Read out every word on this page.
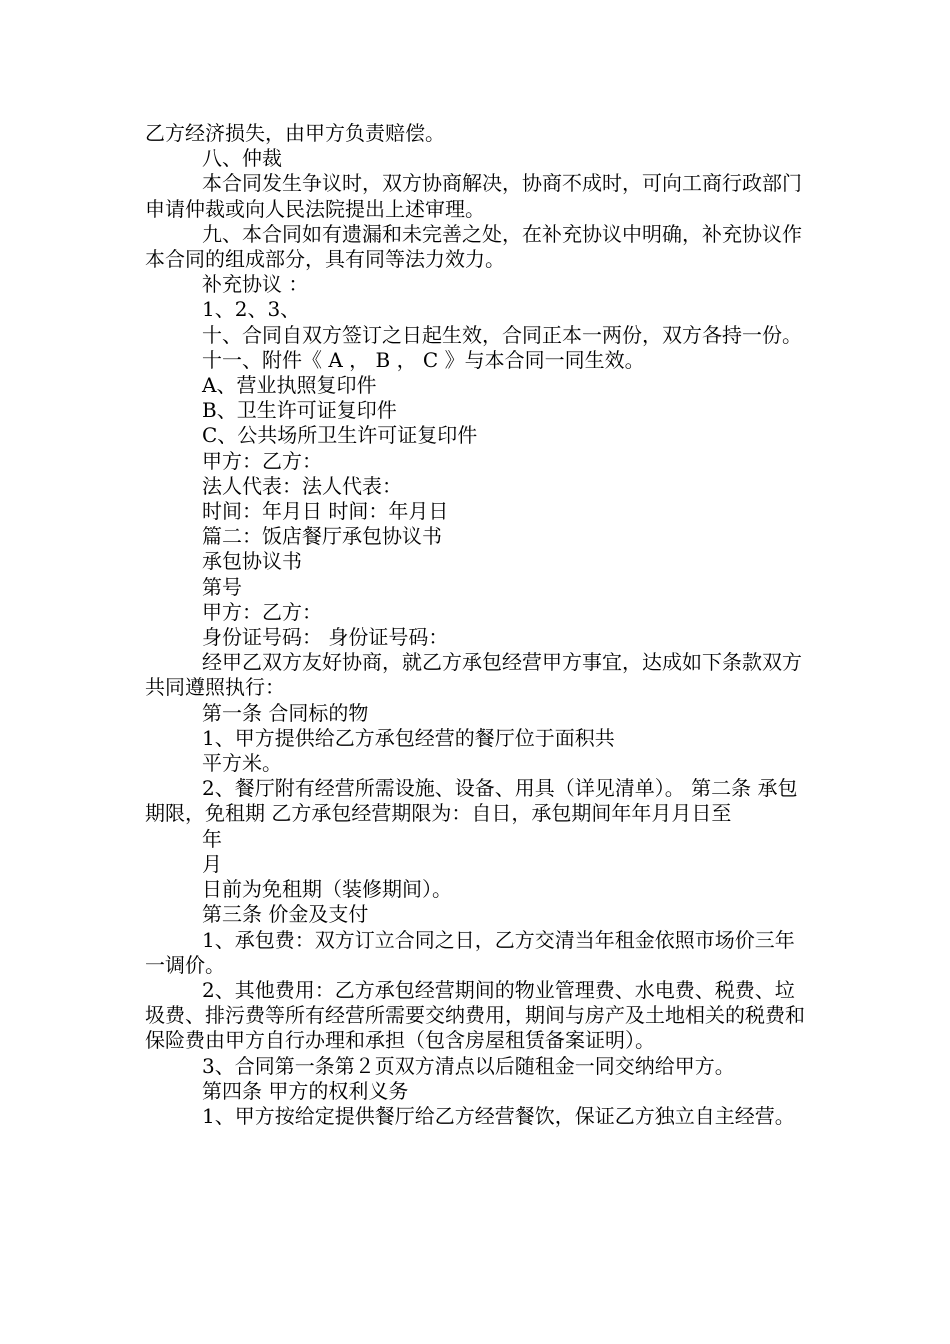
乙方经济损失，由甲方负责赔偿。

八、仲裁

本合同发生争议时，双方协商解决，协商不成时，可向工商行政部门申请仲裁或向人民法院提出上述审理。

九、本合同如有遗漏和未完善之处，在补充协议中明确，补充协议作本合同的组成部分，具有同等法力效力。

补充协议 ：

1、2、3、

十、合同自双方签订之日起生效，合同正本一两份，双方各持一份。

十一、附件《 A ， B ， C 》与本合同一同生效。

A、营业执照复印件

B、卫生许可证复印件

C、公共场所卫生许可证复印件

甲方：乙方：

法人代表：法人代表：

时间：年月日 时间：年月日

篇二：饭店餐厅承包协议书

承包协议书

第号

甲方：乙方：

身份证号码： 身份证号码：

经甲乙双方友好协商，就乙方承包经营甲方事宜，达成如下条款双方共同遵照执行：

第一条 合同标的物

1、甲方提供给乙方承包经营的餐厅位于面积共

平方米。

2、餐厅附有经营所需设施、设备、用具（详见清单）。 第二条 承包期限，免租期 乙方承包经营期限为：自日，承包期间年年月月日至

年

月

日前为免租期（装修期间）。

第三条 价金及支付

1、承包费：双方订立合同之日，乙方交清当年租金依照市场价三年一调价。

2、其他费用：乙方承包经营期间的物业管理费、水电费、税费、垃圾费、排污费等所有经营所需要交纳费用，期间与房产及土地相关的税费和保险费由甲方自行办理和承担（包含房屋租赁备案证明）。

3、合同第一条第２页双方清点以后随租金一同交纳给甲方。

第四条 甲方的权利义务

1、甲方按给定提供餐厅给乙方经营餐饮，保证乙方独立自主经营。
